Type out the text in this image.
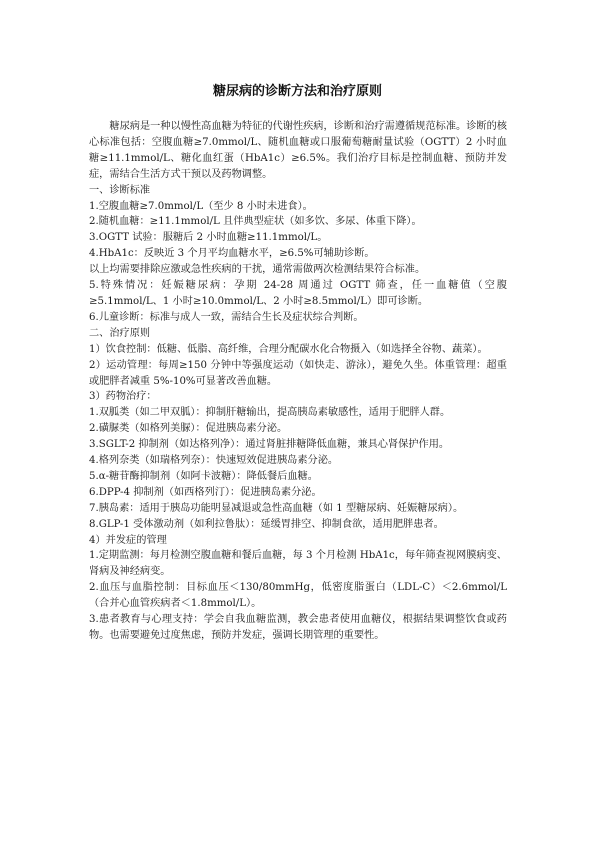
糖尿病的诊断方法和治疗原则

糖尿病是一种以慢性高血糖为特征的代谢性疾病，诊断和治疗需遵循规范标准。诊断的核心标准包括：空腹血糖≥7.0mmol/L、随机血糖或口服葡萄糖耐量试验（OGTT）2 小时血糖≥11.1mmol/L、糖化血红蛋（HbA1c）≥6.5%。我们治疗目标是控制血糖、预防并发症，需结合生活方式干预以及药物调整。

一、诊断标准

1.空腹血糖≥7.0mmol/L（至少 8 小时未进食）。

2.随机血糖：≥11.1mmol/L 且伴典型症状（如多饮、多尿、体重下降）。

3.OGTT 试验：服糖后 2 小时血糖≥11.1mmol/L。

4.HbA1c：反映近 3 个月平均血糖水平，≥6.5%可辅助诊断。

以上均需要排除应激或急性疾病的干扰，通常需做两次检测结果符合标准。

5.特殊情况：妊娠糖尿病：孕期 24-28 周通过 OGTT 筛查，任一血糖值（空腹≥5.1mmol/L、1 小时≥10.0mmol/L、2 小时≥8.5mmol/L）即可诊断。

6.儿童诊断：标准与成人一致，需结合生长及症状综合判断。

二、治疗原则

1）饮食控制：低糖、低脂、高纤维，合理分配碳水化合物摄入（如选择全谷物、蔬菜）。

2）运动管理：每周≥150 分钟中等强度运动（如快走、游泳），避免久坐。体重管理：超重或肥胖者减重 5%-10%可显著改善血糖。

3）药物治疗：

1.双胍类（如二甲双胍）：抑制肝糖输出，提高胰岛素敏感性，适用于肥胖人群。

2.磺脲类（如格列美脲）：促进胰岛素分泌。

3.SGLT-2 抑制剂（如达格列净）：通过肾脏排糖降低血糖，兼具心肾保护作用。

4.格列奈类（如瑞格列奈）：快速短效促进胰岛素分泌。

5.α-糖苷酶抑制剂（如阿卡波糖）：降低餐后血糖。

6.DPP-4 抑制剂（如西格列汀）：促进胰岛素分泌。

7.胰岛素：适用于胰岛功能明显减退或急性高血糖（如 1 型糖尿病、妊娠糖尿病）。

8.GLP-1 受体激动剂（如利拉鲁肽）：延缓胃排空、抑制食欲，适用肥胖患者。

4）并发症的管理

1.定期监测：每月检测空腹血糖和餐后血糖，每 3 个月检测 HbA1c，每年筛查视网膜病变、肾病及神经病变。

2.血压与血脂控制：目标血压＜130/80mmHg，低密度脂蛋白（LDL-C）＜2.6mmol/L（合并心血管疾病者＜1.8mmol/L）。

3.患者教育与心理支持：学会自我血糖监测，教会患者使用血糖仪，根据结果调整饮食或药物。也需要避免过度焦虑，预防并发症，强调长期管理的重要性。
